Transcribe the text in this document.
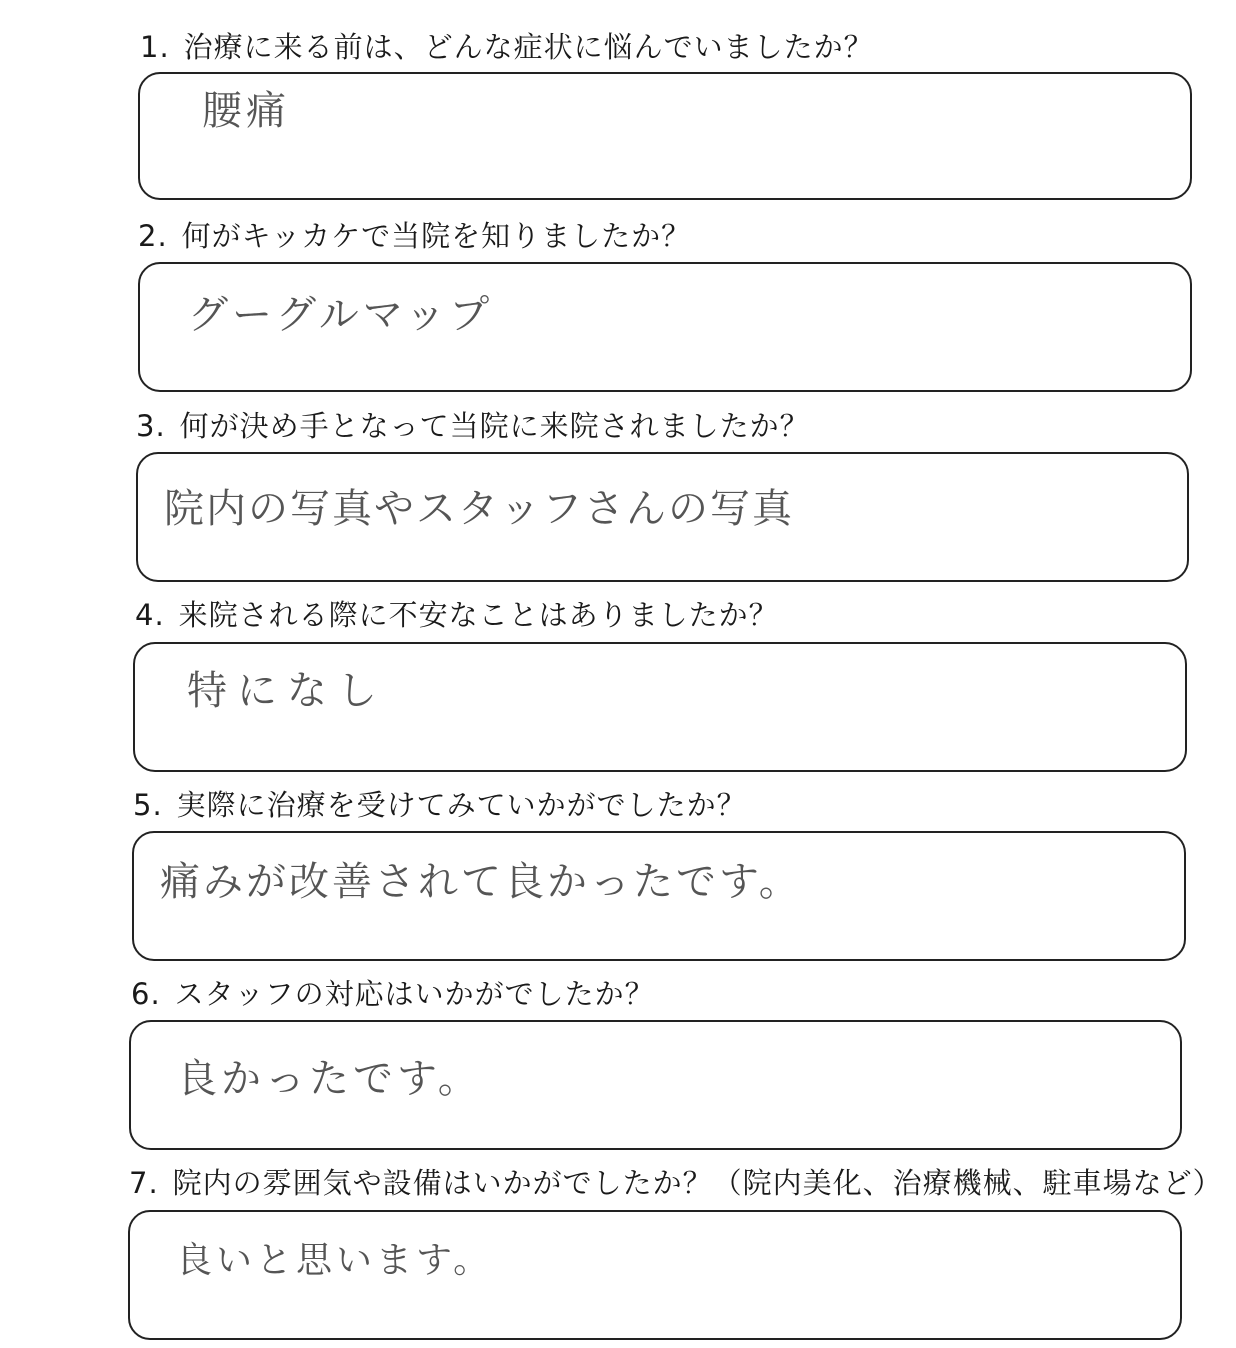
1. 治療に来る前は、どんな症状に悩んでいましたか？
腰痛
2. 何がキッカケで当院を知りましたか？
グーグルマップ
3. 何が決め手となって当院に来院されましたか？
院内の写真やスタッフさんの写真
4. 来院される際に不安なことはありましたか？
特になし
5. 実際に治療を受けてみていかがでしたか？
痛みが改善されて良かったです。
6. スタッフの対応はいかがでしたか？
良かったです。
7. 院内の雰囲気や設備はいかがでしたか？（院内美化、治療機械、駐車場など）
良いと思います。
